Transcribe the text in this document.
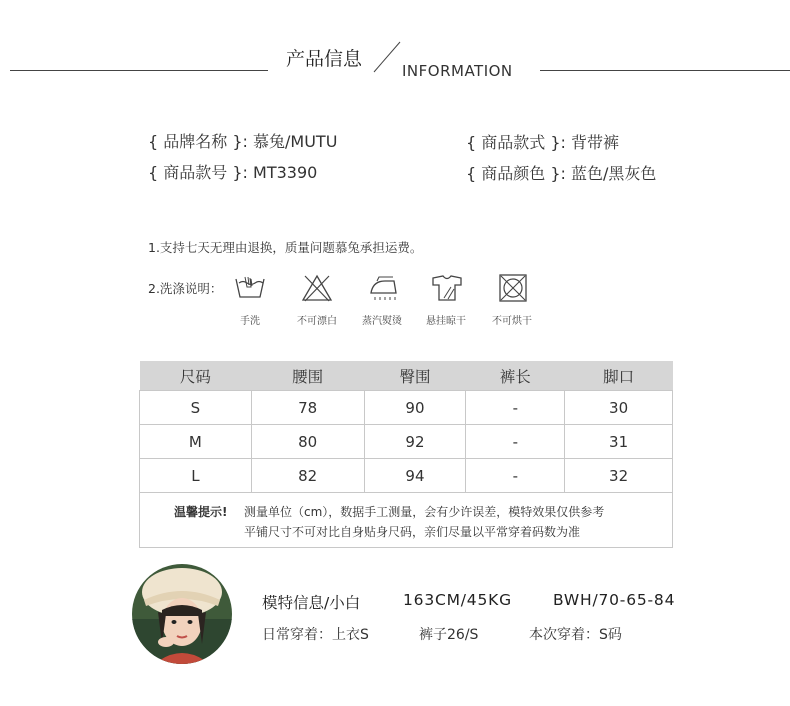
产品信息
INFORMATION
{ 品牌名称 }: 慕兔/MUTU	{ 商品款式 }: 背带裤
{ 商品款号 }: MT3390	{ 商品颜色 }: 蓝色/黑灰色
1.支持七天无理由退换，质量问题慕兔承担运费。
2.洗涤说明：
手洗	不可漂白	蒸汽熨烫	悬挂晾干	不可烘干
尺码	腰围	臀围	裤长	脚口
S	78	90	-	30
M	80	92	-	31
L	82	94	-	32
温馨提示! 测量单位（cm），数据手工测量，会有少许误差，模特效果仅供参考
平铺尺寸不可对比自身贴身尺码，亲们尽量以平常穿着码数为准
模特信息/小白	163CM/45KG	BWH/70-65-84
日常穿着：上衣S	裤子26/S	本次穿着：S码
